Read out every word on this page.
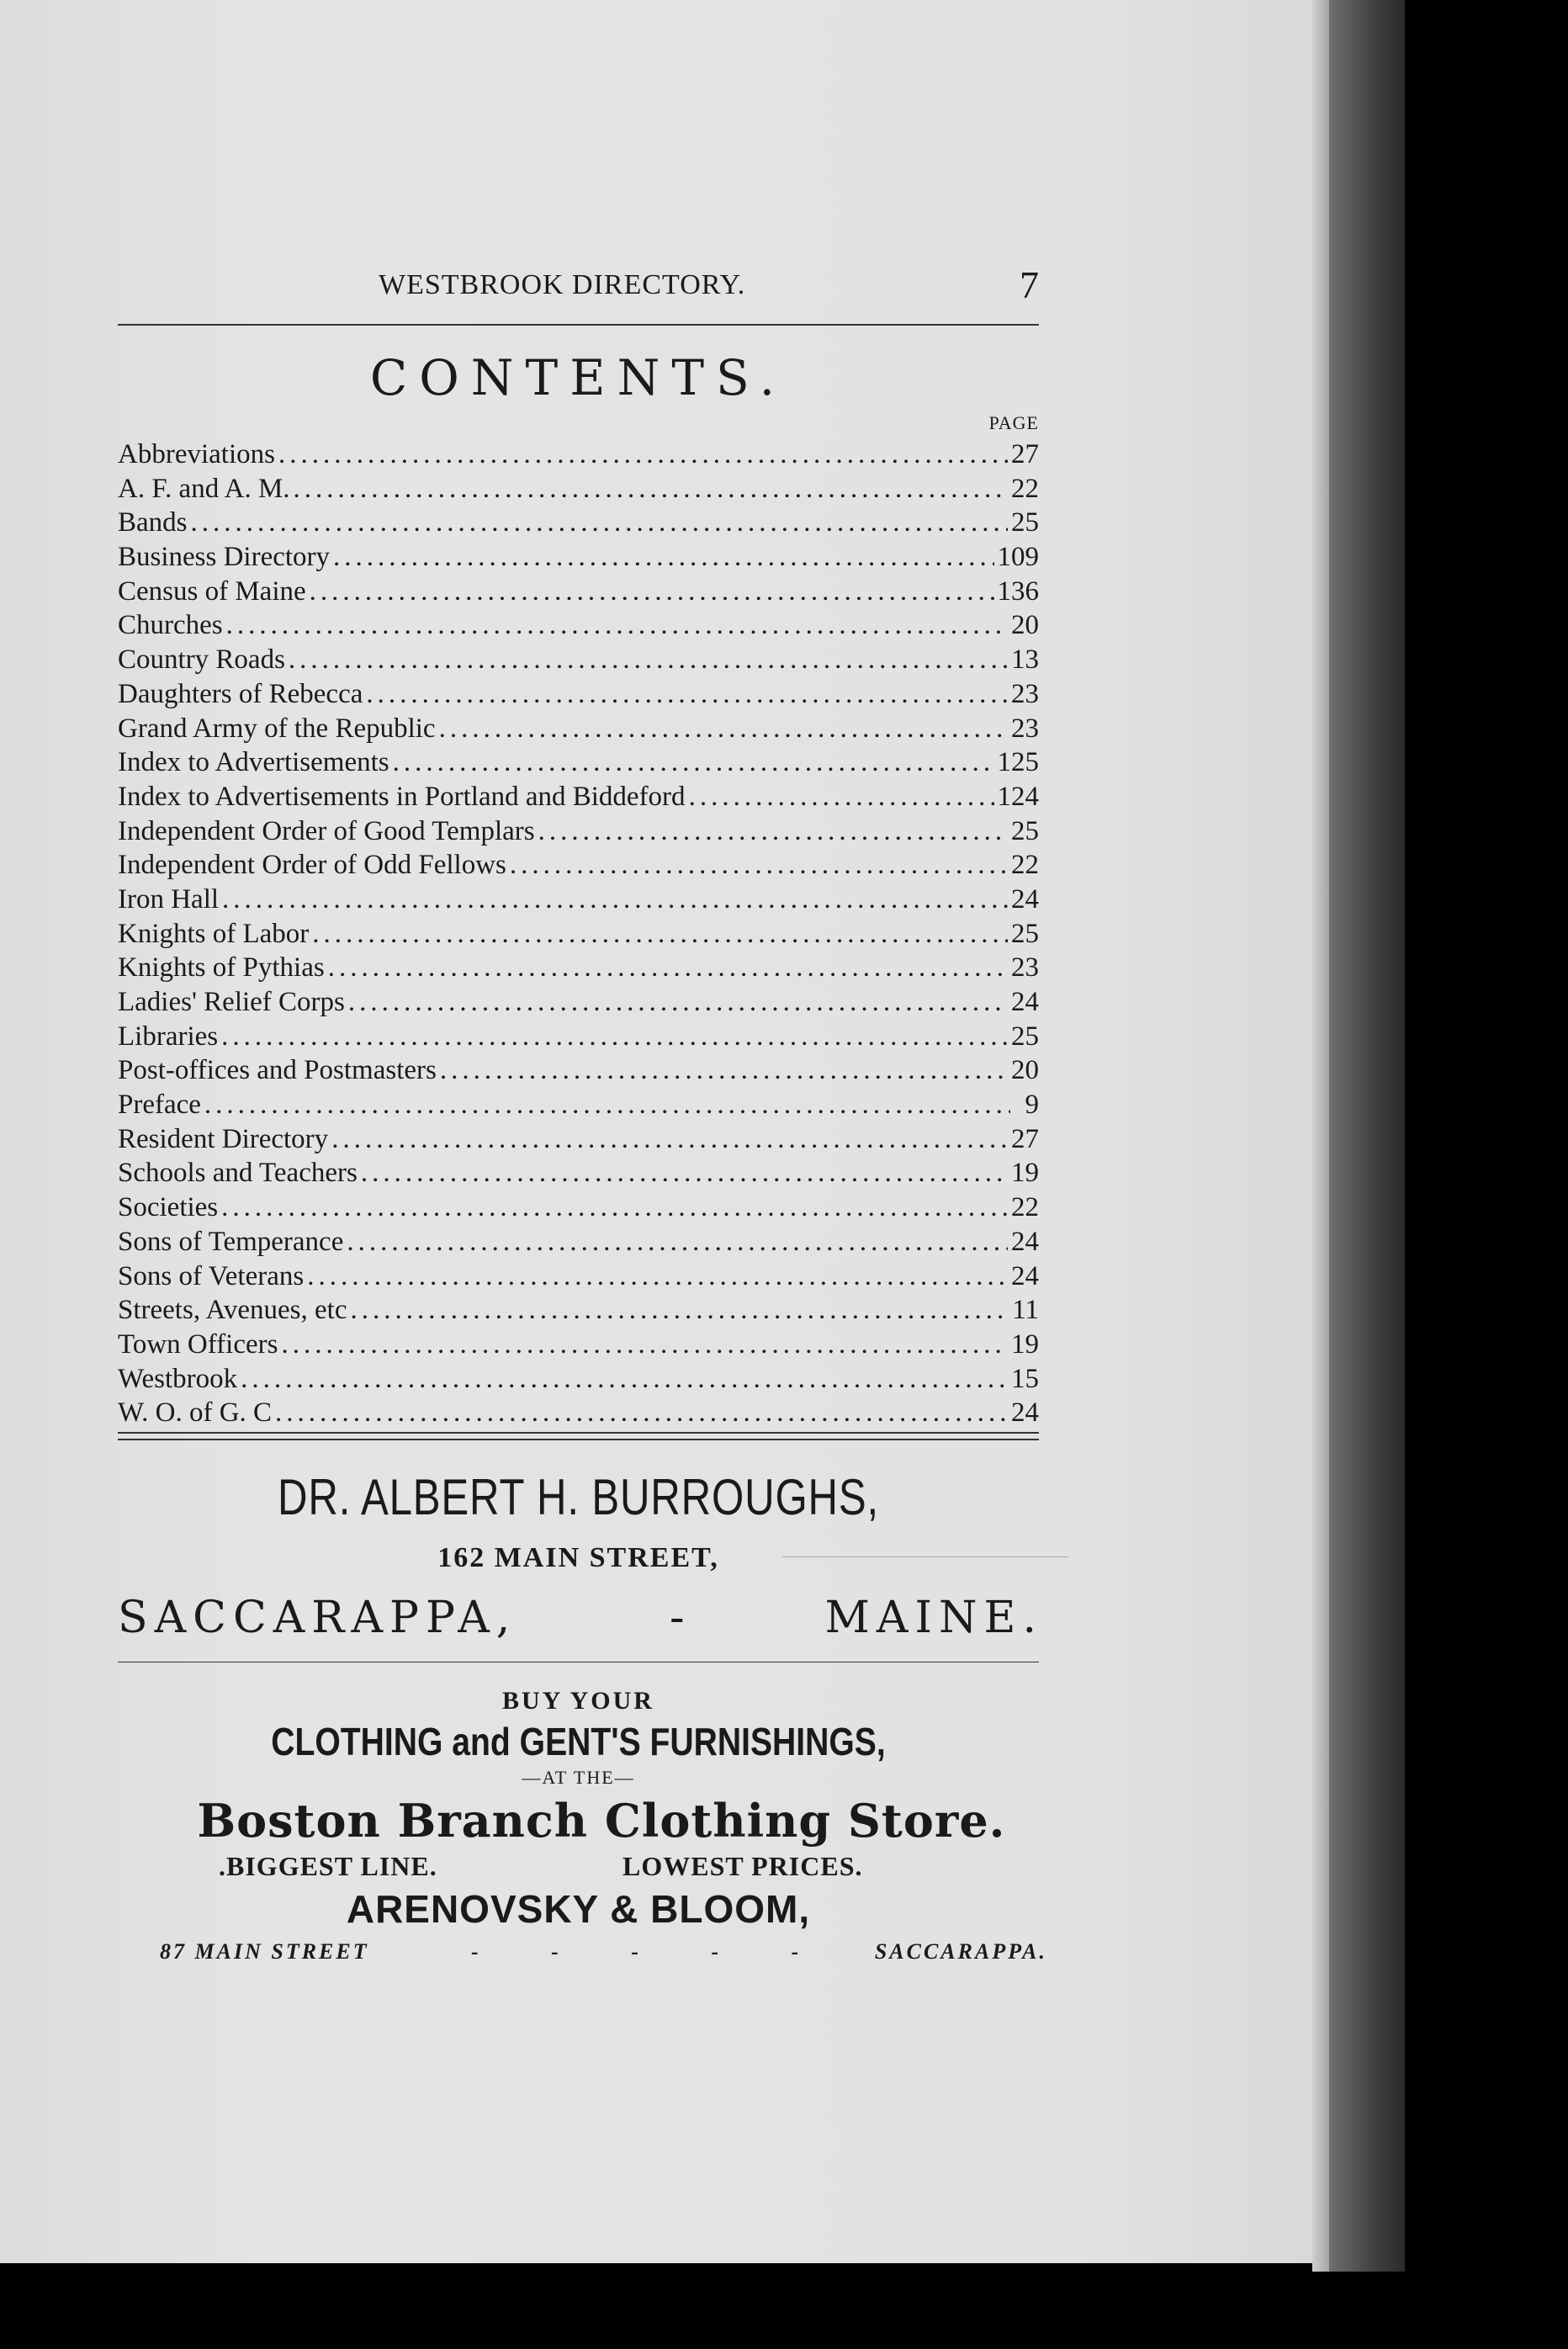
WESTBROOK DIRECTORY.	7
CONTENTS.
PAGE
Abbreviations .....	27
A. F. and A. M. .....	22
Bands .....	25
Business Directory .....	109
Census of Maine .....	136
Churches .....	20
Country Roads .....	13
Daughters of Rebecca .....	23
Grand Army of the Republic .....	23
Index to Advertisements .....	125
Index to Advertisements in Portland and Biddeford .....	124
Independent Order of Good Templars .....	25
Independent Order of Odd Fellows .....	22
Iron Hall .....	24
Knights of Labor .....	25
Knights of Pythias .....	23
Ladies' Relief Corps .....	24
Libraries .....	25
Post-offices and Postmasters .....	20
Preface .....	9
Resident Directory .....	27
Schools and Teachers .....	19
Societies .....	22
Sons of Temperance .....	24
Sons of Veterans .....	24
Streets, Avenues, etc .....	11
Town Officers .....	19
Westbrook .....	15
W. O. of G. C .....	24
DR. ALBERT H. BURROUGHS,
162 MAIN STREET,
SACCARAPPA,	-	MAINE.
BUY YOUR
CLOTHING and GENT'S FURNISHINGS,
—AT THE—
Boston Branch Clothing Store.
.BIGGEST LINE.	LOWEST PRICES.
ARENOVSKY & BLOOM,
87 MAIN STREET	- - - - - SACCARAPPA.
